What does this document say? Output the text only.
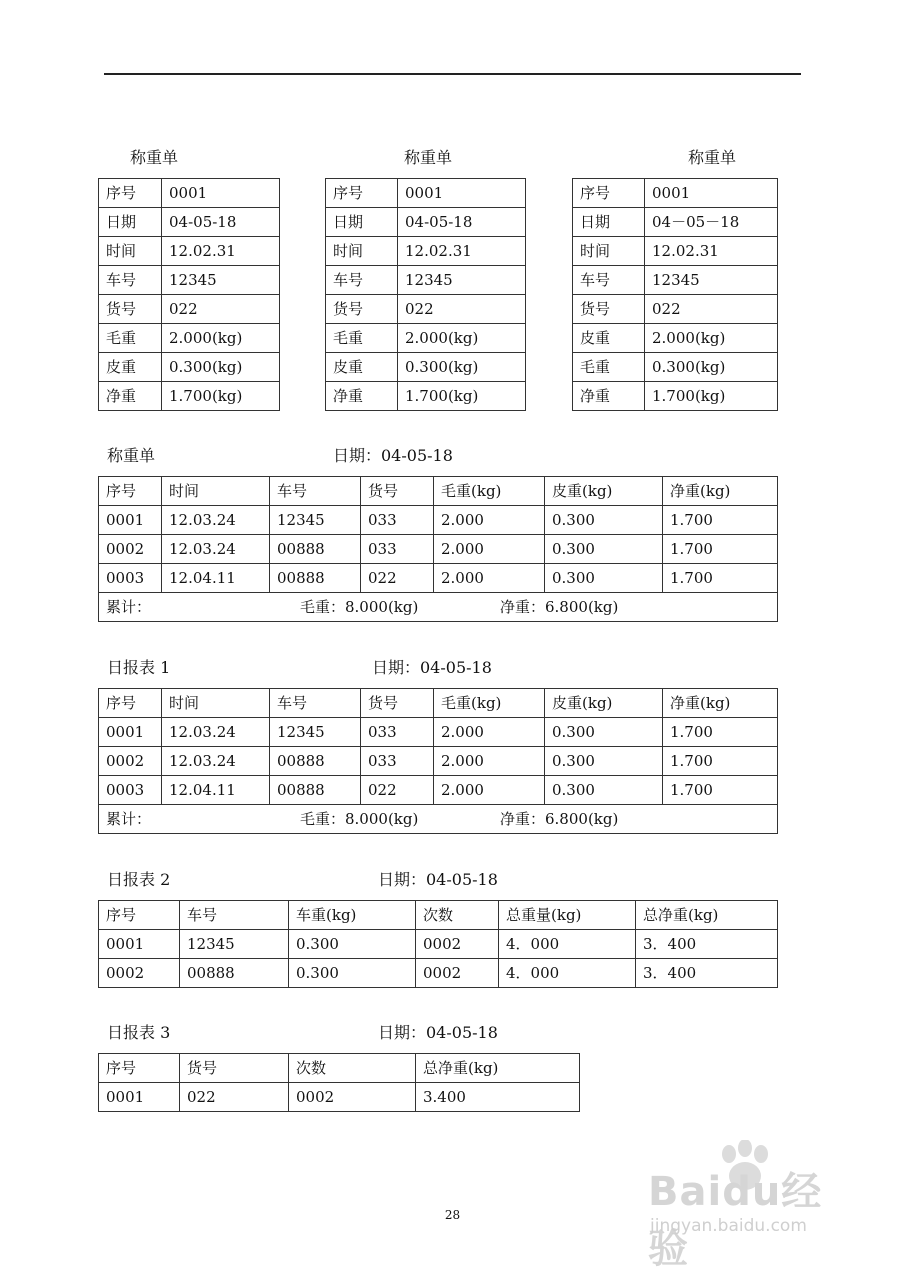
称重单	称重单	称重单
序号	0001
日期	04-05-18
时间	12.02.31
车号	12345
货号	022
毛重	2.000(kg)
皮重	0.300(kg)
净重	1.700(kg)
序号	0001
日期	04-05-18
时间	12.02.31
车号	12345
货号	022
毛重	2.000(kg)
皮重	0.300(kg)
净重	1.700(kg)
序号	0001
日期	04－05－18
时间	12.02.31
车号	12345
货号	022
皮重	2.000(kg)
毛重	0.300(kg)
净重	1.700(kg)
称重单	日期：04-05-18
序号	时间	车号	货号	毛重(kg)	皮重(kg)	净重(kg)
0001	12.03.24	12345	033	2.000	0.300	1.700
0002	12.03.24	00888	033	2.000	0.300	1.700
0003	12.04.11	00888	022	2.000	0.300	1.700

累计： 毛重：8.000(kg) 净重：6.800(kg)						
日报表 1	日期：04-05-18
序号	时间	车号	货号	毛重(kg)	皮重(kg)	净重(kg)
0001	12.03.24	12345	033	2.000	0.300	1.700
0002	12.03.24	00888	033	2.000	0.300	1.700
0003	12.04.11	00888	022	2.000	0.300	1.700

累计： 毛重：8.000(kg) 净重：6.800(kg)						
日报表 2	日期：04-05-18
序号	车号	车重(kg)	次数	总重量(kg)	总净重(kg)
0001	12345	0.300	0002	4．000	3．400
0002	00888	0.300	0002	4．000	3．400
日报表 3	日期：04-05-18
序号	货号	次数	总净重(kg)
0001	022	0002	3.400
28	Baidu经验
jingyan.baidu.com
